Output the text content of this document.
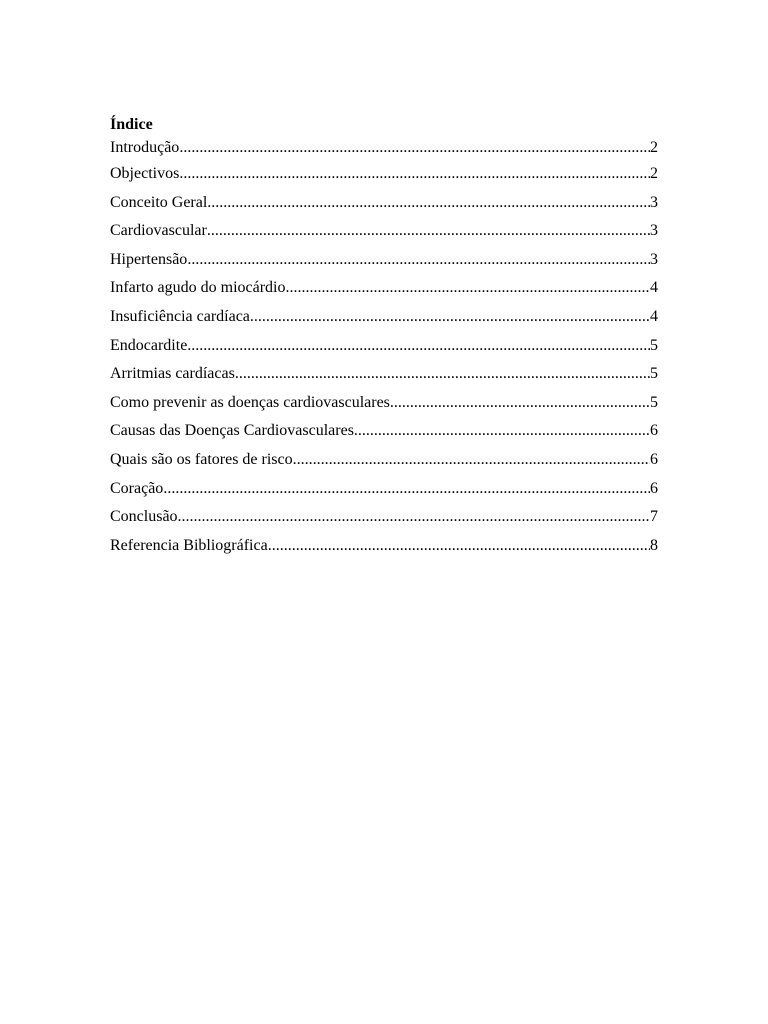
Índice
Introdução .....	2
Objectivos .....	2
Conceito Geral .....	3
Cardiovascular .....	3
Hipertensão .....	3
Infarto agudo do miocárdio .....	4
Insuficiência cardíaca .....	4
Endocardite .....	5
Arritmias cardíacas .....	5
Como prevenir as doenças cardiovasculares .....	5
Causas das Doenças Cardiovasculares .....	6
Quais são os fatores de risco .....	6
Coração .....	6
Conclusão .....	7
Referencia Bibliográfica .....	8
